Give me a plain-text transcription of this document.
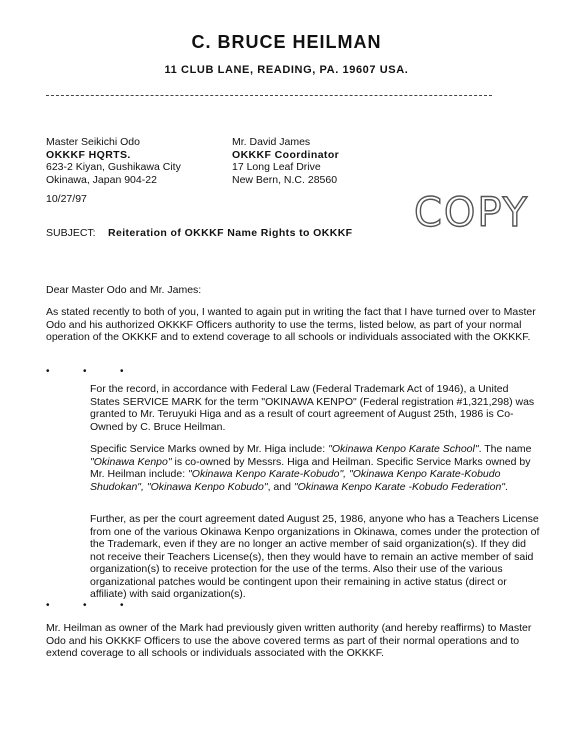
C. BRUCE HEILMAN
11 CLUB LANE, READING, PA. 19607 USA.
Master Seikichi Odo
OKKKF HQRTS.
623-2 Kiyan, Gushikawa City
Okinawa, Japan 904-22
Mr. David James
OKKKF Coordinator
17 Long Leaf Drive
New Bern, N.C. 28560
10/27/97	COPY
SUBJECT: Reiteration of OKKKF Name Rights to OKKKF
Dear Master Odo and Mr. James:
As stated recently to both of you, I wanted to again put in writing the fact that I have turned over to Master Odo and his authorized OKKKF Officers authority to use the terms, listed below, as part of your normal operation of the OKKKF and to extend coverage to all schools or individuals associated with the OKKKF.
•	•	•
For the record, in accordance with Federal Law (Federal Trademark Act of 1946), a United States SERVICE MARK for the term "OKINAWA KENPO" (Federal registration #1,321,298) was granted to Mr. Teruyuki Higa and as a result of court agreement of August 25th, 1986 is Co-Owned by C. Bruce Heilman.
Specific Service Marks owned by Mr. Higa include: "Okinawa Kenpo Karate School". The name "Okinawa Kenpo" is co-owned by Messrs. Higa and Heilman. Specific Service Marks owned by Mr. Heilman include: "Okinawa Kenpo Karate-Kobudo", "Okinawa Kenpo Karate-Kobudo Shudokan", "Okinawa Kenpo Kobudo", and "Okinawa Kenpo Karate -Kobudo Federation".
Further, as per the court agreement dated August 25, 1986, anyone who has a Teachers License from one of the various Okinawa Kenpo organizations in Okinawa, comes under the protection of the Trademark, even if they are no longer an active member of said organization(s). If they did not receive their Teachers License(s), then they would have to remain an active member of said organization(s) to receive protection for the use of the terms. Also their use of the various organizational patches would be contingent upon their remaining in active status (direct or affiliate) with said organization(s).
•	•	•
Mr. Heilman as owner of the Mark had previously given written authority (and hereby reaffirms) to Master Odo and his OKKKF Officers to use the above covered terms as part of their normal operations and to extend coverage to all schools or individuals associated with the OKKKF.
